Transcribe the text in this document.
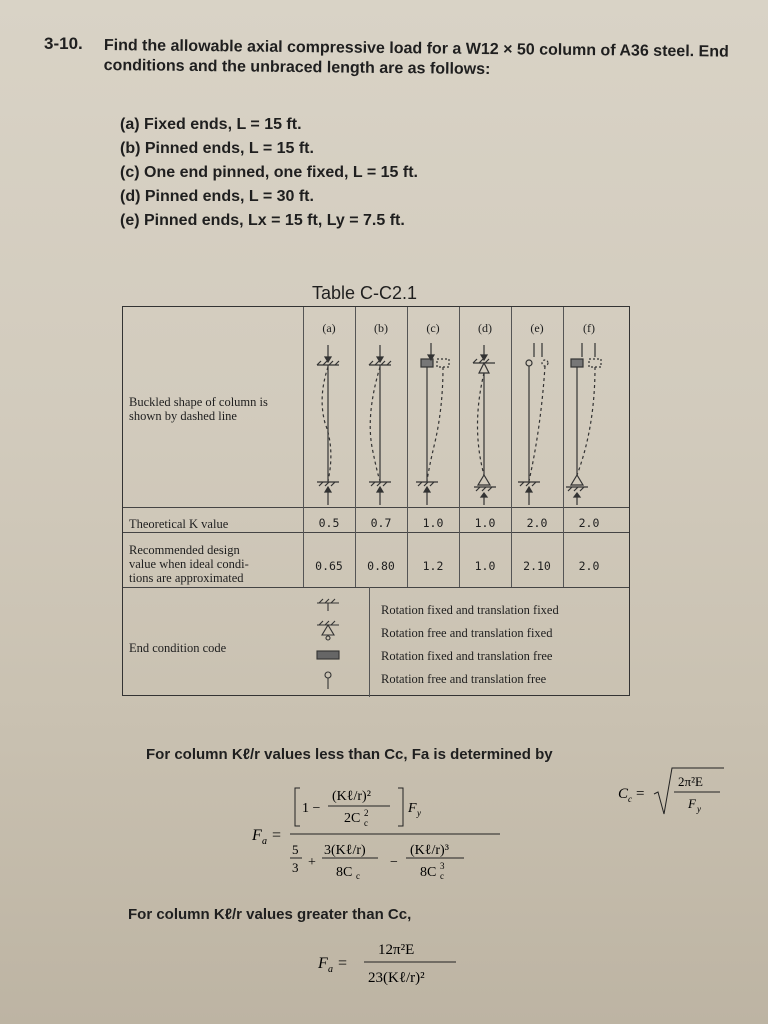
3-10. Find the allowable axial compressive load for a W12 × 50 column of A36 steel. End conditions and the unbraced length are as follows:
(a) Fixed ends, L = 15 ft.
(b) Pinned ends, L = 15 ft.
(c) One end pinned, one fixed, L = 15 ft.
(d) Pinned ends, L = 30 ft.
(e) Pinned ends, Lx = 15 ft, Ly = 7.5 ft.
Table C-C2.1
(a)	(b)	(c)	(d)	(e)	(f)
Buckled shape of column is shown by dashed line
Theoretical K value	0.5	0.7	1.0	1.0	2.0	2.0
Recommended design
value when ideal condi-
tions are approximated
0.65	0.80	1.2	1.0	2.10	2.0
End condition code
Rotation fixed and translation fixed
Rotation free and translation fixed
Rotation fixed and translation free
Rotation free and translation free
For column Kℓ/r values less than Cc, Fa is determined by
F a =
1 −
(Kℓ/r)²
2C c
2	F y
5
3 +
3(Kℓ/r)
8C c
−
(Kℓ/r)³
8C c
3
C c =
2π²E
F y
For column Kℓ/r values greater than Cc,
F a =
12π²E
23(Kℓ/r)²
